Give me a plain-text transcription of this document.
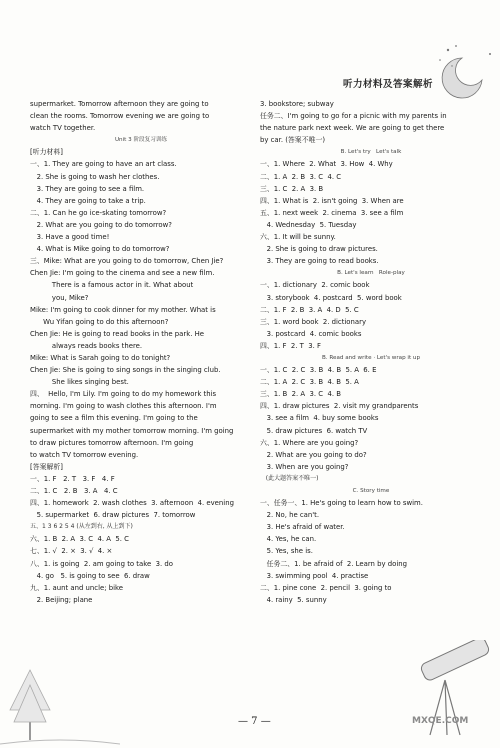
听力材料及答案解析
supermarket. Tomorrow afternoon they are going to
clean the rooms. Tomorrow evening we are going to
watch TV together.
Unit 3 阶段复习训练
[听力材料]
一、1. They are going to have an art class.
2. She is going to wash her clothes.
3. They are going to see a film.
4. They are going to take a trip.
二、1. Can he go ice-skating tomorrow?
2. What are you going to do tomorrow?
3. Have a good time!
4. What is Mike going to do tomorrow?
三、Mike: What are you going to do tomorrow, Chen Jie?
Chen Jie: I'm going to the cinema and see a new film.
There is a famous actor in it. What about
you, Mike?
Mike: I'm going to cook dinner for my mother. What is
Wu Yifan going to do this afternoon?
Chen Jie: He is going to read books in the park. He
always reads books there.
Mike: What is Sarah going to do tonight?
Chen Jie: She is going to sing songs in the singing club.
She likes singing best.
四、  Hello, I'm Lily. I'm going to do my homework this
morning. I'm going to wash clothes this afternoon. I'm
going to see a film this evening. I'm going to the
supermarket with my mother tomorrow morning. I'm going
to draw pictures tomorrow afternoon. I'm going
to watch TV tomorrow evening.
[答案解析]
一、1. F   2. T   3. F   4. F
二、1. C   2. B   3. A   4. C
四、1. homework  2. wash clothes  3. afternoon  4. evening
5. supermarket  6. draw pictures  7. tomorrow
五、1 3 6 2 5 4 (从左到右, 从上到下)
六、1. B  2. A  3. C  4. A  5. C
七、1. √  2. ×  3. √  4. ×
八、1. is going  2. am going to take  3. do
4. go   5. is going to see  6. draw
九、1. aunt and uncle; bike
2. Beijing; plane
3. bookstore; subway
任务二、I'm going to go for a picnic with my parents in
the nature park next week. We are going to get there
by car. (答案不唯一)
B. Let's try   Let's talk
一、1. Where  2. What  3. How  4. Why
二、1. A  2. B  3. C  4. C
三、1. C  2. A  3. B
四、1. What is  2. isn't going  3. When are
五、1. next week  2. cinema  3. see a film
4. Wednesday  5. Tuesday
六、1. It will be sunny.
2. She is going to draw pictures.
3. They are going to read books.
B. Let's learn   Role-play
一、1. dictionary  2. comic book
3. storybook  4. postcard  5. word book
二、1. F  2. B  3. A  4. D  5. C
三、1. word book  2. dictionary
3. postcard  4. comic books
四、1. F  2. T  3. F
B. Read and write · Let's wrap it up
一、1. C  2. C  3. B  4. B  5. A  6. E
二、1. A  2. C  3. B  4. B  5. A
三、1. B  2. A  3. C  4. B
四、1. draw pictures  2. visit my grandparents
3. see a film  4. buy some books
5. draw pictures  6. watch TV
六、1. Where are you going?
2. What are you going to do?
3. When are you going?
(此大题答案不唯一)
C. Story time
一、任务一、1. He's going to learn how to swim.
2. No, he can't.
3. He's afraid of water.
4. Yes, he can.
5. Yes, she is.
任务二、1. be afraid of  2. Learn by doing
3. swimming pool  4. practise
二、1. pine cone  2. pencil  3. going to
4. rainy  5. sunny
— 7 —	MXQE.COM
